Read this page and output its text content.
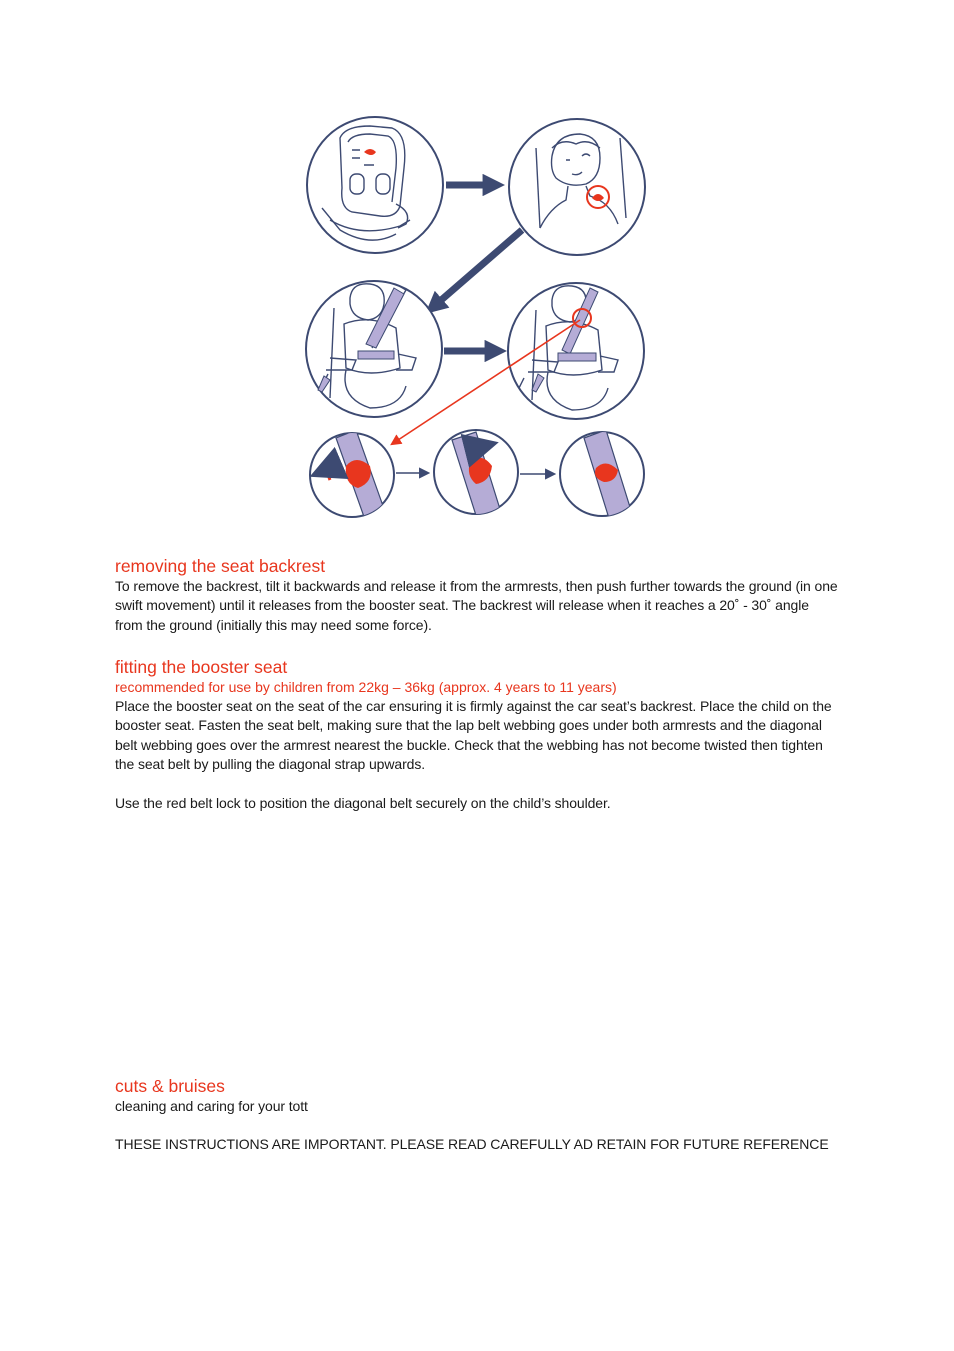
removing the seat backrest

To remove the backrest, tilt it backwards and release it from the armrests, then push further towards the ground (in one swift movement) until it releases from the booster seat. The backrest will release when it reaches a 20˚ - 30˚ angle from the ground (initially this may need some force).

fitting the booster seat

recommended for use by children from 22kg – 36kg (approx. 4 years to 11 years)

Place the booster seat on the seat of the car ensuring it is firmly against the car seat’s backrest. Place the child on the booster seat. Fasten the seat belt, making sure that the lap belt webbing goes under both armrests and the diagonal belt webbing goes over the armrest nearest the buckle. Check that the webbing has not become twisted then tighten the seat belt by pulling the diagonal strap upwards.

Use the red belt lock to position the diagonal belt securely on the child’s shoulder.

cuts & bruises

cleaning and caring for your tott

THESE INSTRUCTIONS ARE IMPORTANT. PLEASE READ CAREFULLY AD RETAIN FOR FUTURE REFERENCE
